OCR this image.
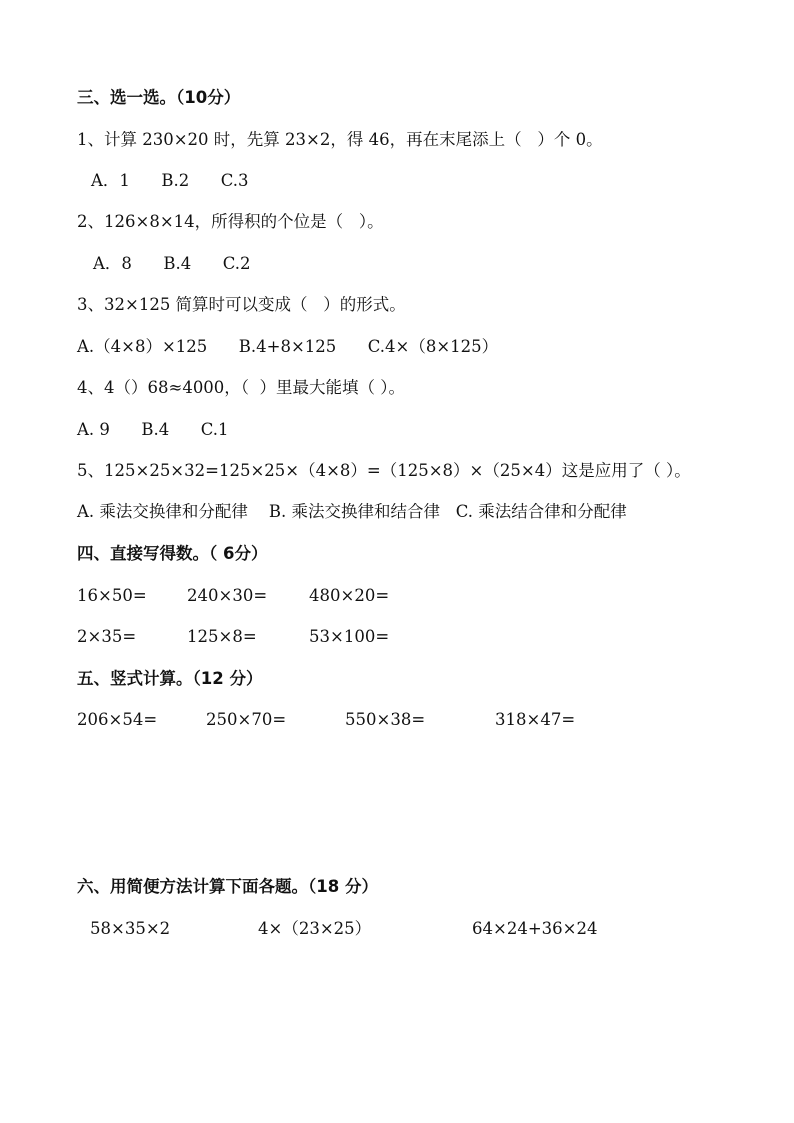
三、选一选。（10分）
1、计算 230×20 时，先算 23×2，得 46，再在末尾添上（   ）个 0。
A．1      B.2      C.3
2、126×8×14，所得积的个位是（   ）。
A．8      B.4      C.2
3、32×125 简算时可以变成（   ）的形式。
A.（4×8）×125      B.4+8×125      C.4×（8×125）
4、4（）68≈4000，（  ）里最大能填（ ）。
A. 9      B.4      C.1
5、125×25×32=125×25×（4×8）=（125×8）×（25×4）这是应用了（ ）。
A. 乘法交换律和分配律    B. 乘法交换律和结合律   C. 乘法结合律和分配律
四、直接写得数。（ 6分）
16×50= 240×30=	480×20=
2×35=	125×8=	53×100=
五、竖式计算。（12 分）
206×54=	250×70=	550×38=	318×47=
六、用简便方法计算下面各题。（18 分）
58×35×2	4×（23×25）	64×24+36×24
